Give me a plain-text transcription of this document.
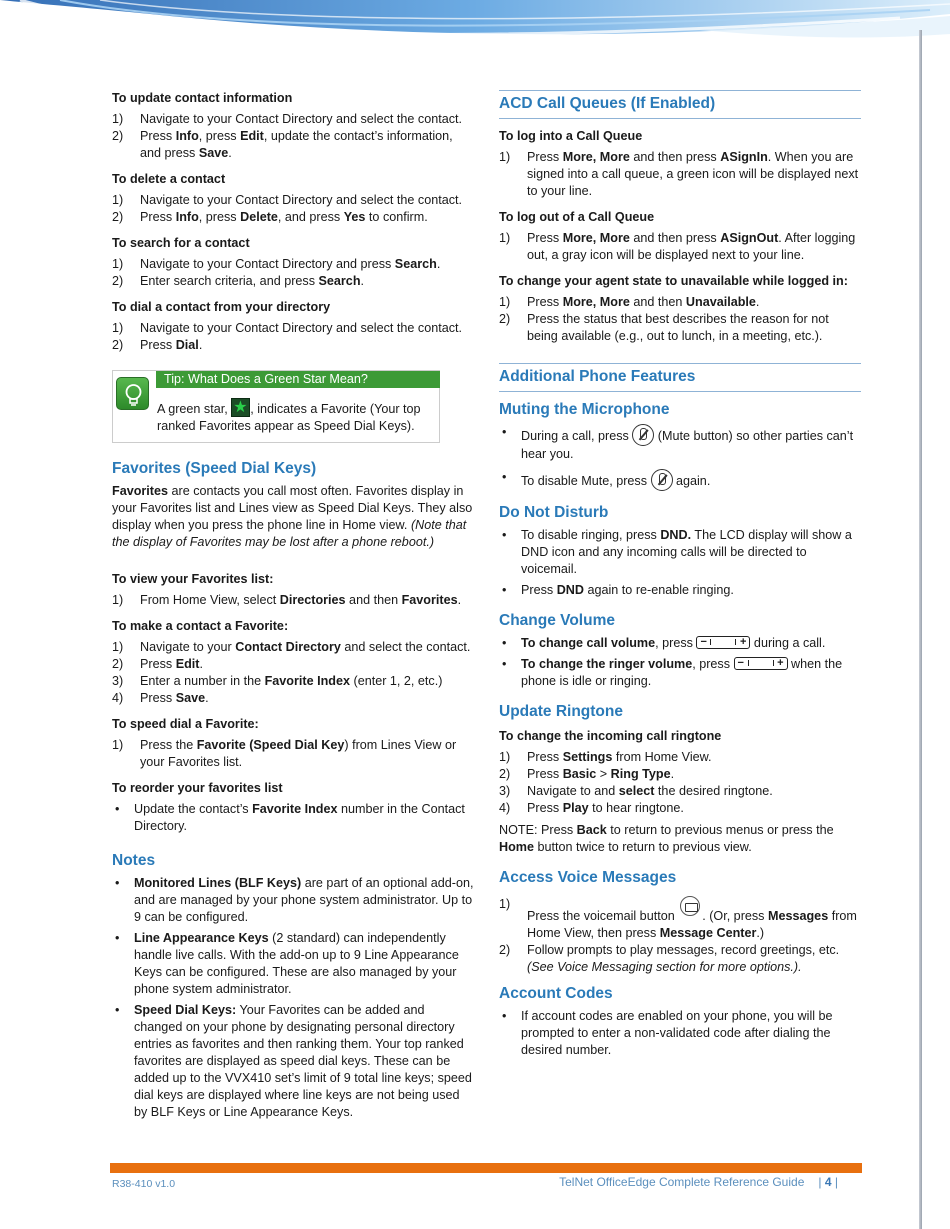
To update contact information
1) Navigate to your Contact Directory and select the contact.
2) Press Info, press Edit, update the contact’s information, and press Save.
To delete a contact
1) Navigate to your Contact Directory and select the contact.
2) Press Info, press Delete, and press Yes to confirm.
To search for a contact
1) Navigate to your Contact Directory and press Search.
2) Enter search criteria, and press Search.
To dial a contact from your directory
1) Navigate to your Contact Directory and select the contact.
2) Press Dial.
Tip: What Does a Green Star Mean?
A green star, ★, indicates a Favorite (Your top ranked Favorites appear as Speed Dial Keys).
Favorites (Speed Dial Keys)

Favorites are contacts you call most often. Favorites display in your Favorites list and Lines view as Speed Dial Keys. They also display when you press the phone line in Home view. (Note that the display of Favorites may be lost after a phone reboot.)

To view your Favorites list:
1) From Home View, select Directories and then Favorites.
To make a contact a Favorite:
1) Navigate to your Contact Directory and select the contact.
2) Press Edit.
3) Enter a number in the Favorite Index (enter 1, 2, etc.)
4) Press Save.
To speed dial a Favorite:
1) Press the Favorite (Speed Dial Key) from Lines View or your Favorites list.
To reorder your favorites list
• Update the contact’s Favorite Index number in the Contact Directory.
Notes
• Monitored Lines (BLF Keys) are part of an optional add-on, and are managed by your phone system administrator. Up to 9 can be configured.
• Line Appearance Keys (2 standard) can independently handle live calls. With the add-on up to 9 Line Appearance Keys can be configured. These are also managed by your phone system administrator.
• Speed Dial Keys: Your Favorites can be added and changed on your phone by designating personal directory entries as favorites and then ranking them. Your top ranked favorites are displayed as speed dial keys. These can be added up to the VVX410 set’s limit of 9 total line keys; speed dial keys are displayed where line keys are not being used by BLF Keys or Line Appearance Keys.
ACD Call Queues (If Enabled)
To log into a Call Queue
1) Press More, More and then press ASignIn. When you are signed into a call queue, a green icon will be displayed next to your line.
To log out of a Call Queue
1) Press More, More and then press ASignOut. After logging out, a gray icon will be displayed next to your line.
To change your agent state to unavailable while logged in:
1) Press More, More and then Unavailable.
2) Press the status that best describes the reason for not being available (e.g., out to lunch, in a meeting, etc.).
Additional Phone Features
Muting the Microphone
• During a call, press  (Mute button) so other parties can’t hear you.
• To disable Mute, press  again.
Do Not Disturb
• To disable ringing, press DND. The LCD display will show a DND icon and any incoming calls will be directed to voicemail.
• Press DND again to re-enable ringing.
Change Volume
• To change call volume, press −	+ during a call.
• To change the ringer volume, press −	+ when the phone is idle or ringing.
Update Ringtone
To change the incoming call ringtone
1) Press Settings from Home View.
2) Press Basic > Ring Type.
3) Navigate to and select the desired ringtone.
4) Press Play to hear ringtone.

NOTE: Press Back to return to previous menus or press the Home button twice to return to previous view.

Access Voice Messages
1)
Press the voicemail button . (Or, press Messages from Home View, then press Message Center.)
2) Follow prompts to play messages, record greetings, etc. (See Voice Messaging section for more options.).
Account Codes
• If account codes are enabled on your phone, you will be prompted to enter a non-validated code after dialing the desired number.
R38-410 v1.0	TelNet OfficeEdge Complete Reference Guide | 4 |
